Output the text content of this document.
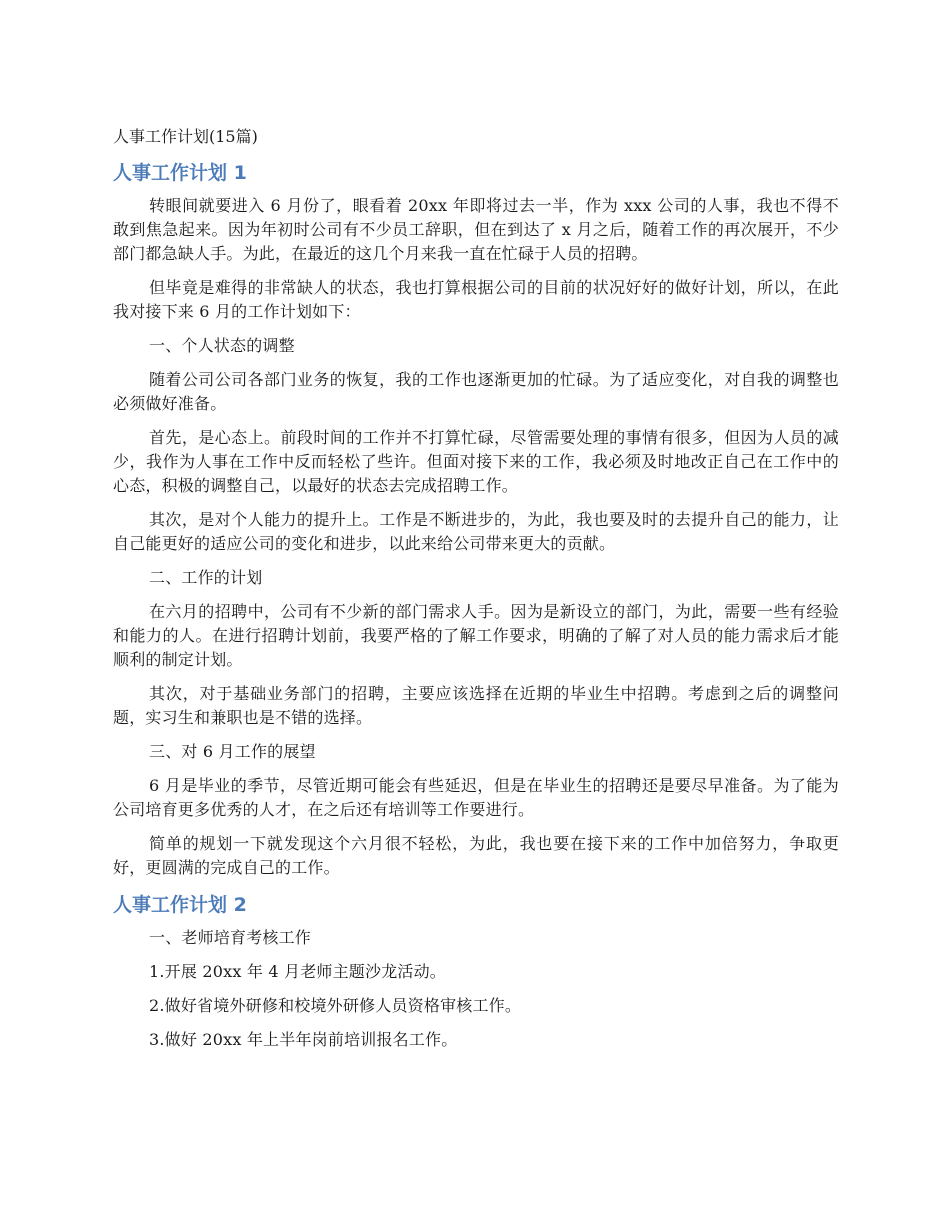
人事工作计划(15篇)
人事工作计划 1

转眼间就要进入 6 月份了，眼看着 20xx 年即将过去一半，作为 xxx 公司的人事，我也不得不敢到焦急起来。因为年初时公司有不少员工辞职，但在到达了 x 月之后，随着工作的再次展开，不少部门都急缺人手。为此，在最近的这几个月来我一直在忙碌于人员的招聘。

但毕竟是难得的非常缺人的状态，我也打算根据公司的目前的状况好好的做好计划，所以，在此我对接下来 6 月的工作计划如下：

一、个人状态的调整

随着公司公司各部门业务的恢复，我的工作也逐渐更加的忙碌。为了适应变化，对自我的调整也必须做好准备。

首先，是心态上。前段时间的工作并不打算忙碌，尽管需要处理的事情有很多，但因为人员的减少，我作为人事在工作中反而轻松了些许。但面对接下来的工作，我必须及时地改正自己在工作中的心态，积极的调整自己，以最好的状态去完成招聘工作。

其次，是对个人能力的提升上。工作是不断进步的，为此，我也要及时的去提升自己的能力，让自己能更好的适应公司的变化和进步，以此来给公司带来更大的贡献。

二、工作的计划

在六月的招聘中，公司有不少新的部门需求人手。因为是新设立的部门，为此，需要一些有经验和能力的人。在进行招聘计划前，我要严格的了解工作要求，明确的了解了对人员的能力需求后才能顺利的制定计划。

其次，对于基础业务部门的招聘，主要应该选择在近期的毕业生中招聘。考虑到之后的调整问题，实习生和兼职也是不错的选择。

三、对 6 月工作的展望

6 月是毕业的季节，尽管近期可能会有些延迟，但是在毕业生的招聘还是要尽早准备。为了能为公司培育更多优秀的人才，在之后还有培训等工作要进行。

简单的规划一下就发现这个六月很不轻松，为此，我也要在接下来的工作中加倍努力，争取更好，更圆满的完成自己的工作。

人事工作计划 2

一、老师培育考核工作

1.开展 20xx 年 4 月老师主题沙龙活动。

2.做好省境外研修和校境外研修人员资格审核工作。

3.做好 20xx 年上半年岗前培训报名工作。
